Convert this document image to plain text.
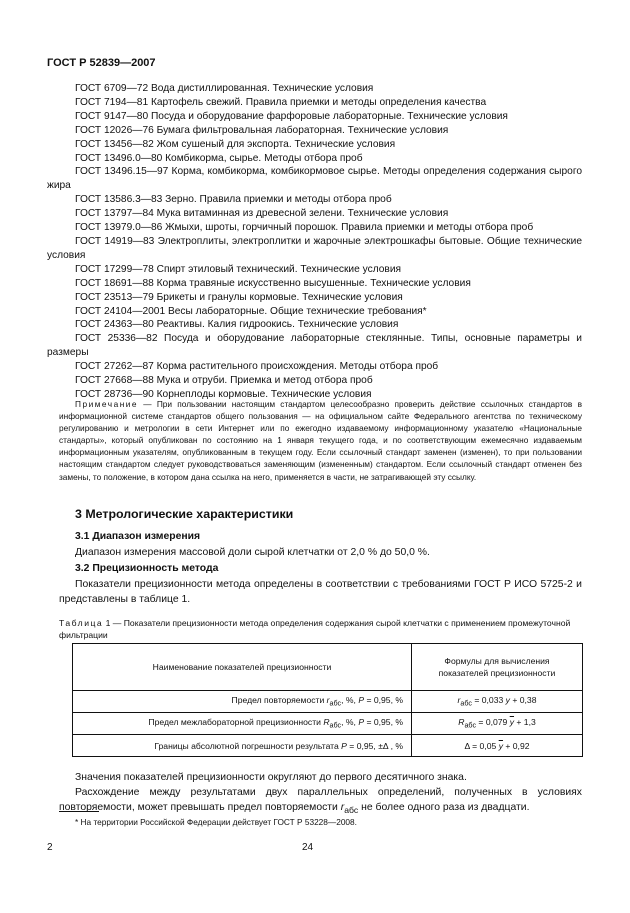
ГОСТ Р 52839—2007

ГОСТ 6709—72 Вода дистиллированная. Технические условия

ГОСТ 7194—81 Картофель свежий. Правила приемки и методы определения качества

ГОСТ 9147—80 Посуда и оборудование фарфоровые лабораторные. Технические условия

ГОСТ 12026—76 Бумага фильтровальная лабораторная. Технические условия

ГОСТ 13456—82 Жом сушеный для экспорта. Технические условия

ГОСТ 13496.0—80 Комбикорма, сырье. Методы отбора проб

ГОСТ 13496.15—97 Корма, комбикорма, комбикормовое сырье. Методы определения содержания сырого жира

ГОСТ 13586.3—83 Зерно. Правила приемки и методы отбора проб

ГОСТ 13797—84 Мука витаминная из древесной зелени. Технические условия

ГОСТ 13979.0—86 Жмыхи, шроты, горчичный порошок. Правила приемки и методы отбора проб

ГОСТ 14919—83 Электроплиты, электроплитки и жарочные электрошкафы бытовые. Общие технические условия

ГОСТ 17299—78 Спирт этиловый технический. Технические условия

ГОСТ 18691—88 Корма травяные искусственно высушенные. Технические условия

ГОСТ 23513—79 Брикеты и гранулы кормовые. Технические условия

ГОСТ 24104—2001 Весы лабораторные. Общие технические требования*

ГОСТ 24363—80 Реактивы. Калия гидроокись. Технические условия

ГОСТ 25336—82 Посуда и оборудование лабораторные стеклянные. Типы, основные параметры и размеры

ГОСТ 27262—87 Корма растительного происхождения. Методы отбора проб

ГОСТ 27668—88 Мука и отруби. Приемка и метод отбора проб

ГОСТ 28736—90 Корнеплоды кормовые. Технические условия

Примечание — При пользовании настоящим стандартом целесообразно проверить действие ссылочных стандартов в информационной системе стандартов общего пользования — на официальном сайте Федерального агентства по техническому регулированию и метрологии в сети Интернет или по ежегодно издаваемому информационному указателю «Национальные стандарты», который опубликован по состоянию на 1 января текущего года, и по соответствующим ежемесячно издаваемым информационным указателям, опубликованным в текущем году. Если ссылочный стандарт заменен (изменен), то при пользовании настоящим стандартом следует руководствоваться заменяющим (измененным) стандартом. Если ссылочный стандарт отменен без замены, то положение, в котором дана ссылка на него, применяется в части, не затрагивающей эту ссылку.

3 Метрологические характеристики
3.1 Диапазон измерения

Диапазон измерения массовой доли сырой клетчатки от 2,0 % до 50,0 %.

3.2 Прецизионность метода

Показатели прецизионности метода определены в соответствии с требованиями ГОСТ Р ИСО 5725-2 и представлены в таблице 1.

Таблица 1 — Показатели прецизионности метода определения содержания сырой клетчатки с применением промежуточной фильтрации

Наименование показателей прецизионности	Формулы для вычисления показателей прецизионности
Предел повторяемости $r_{абс}$, %, P = 0,95, %	$r_{абс} = 0,033$ y + 0,38
Предел межлабораторной прецизионности $R_{абс}$, %, P = 0,95, %	$R_{абс} = 0,079$ $\overline{y} + 1,3$
Границы абсолютной погрешности результата P = 0,95, ±Δ , %	Δ = 0,05 $\overline{y} + 0,92$

Значения показателей прецизионности округляют до первого десятичного знака.

Расхождение между результатами двух параллельных определений, полученных в условиях повторяемости, может превышать предел повторяемости $r_{абс}$ не более одного раза из двадцати.

* На территории Российской Федерации действует ГОСТ Р 53228—2008.
2	24
